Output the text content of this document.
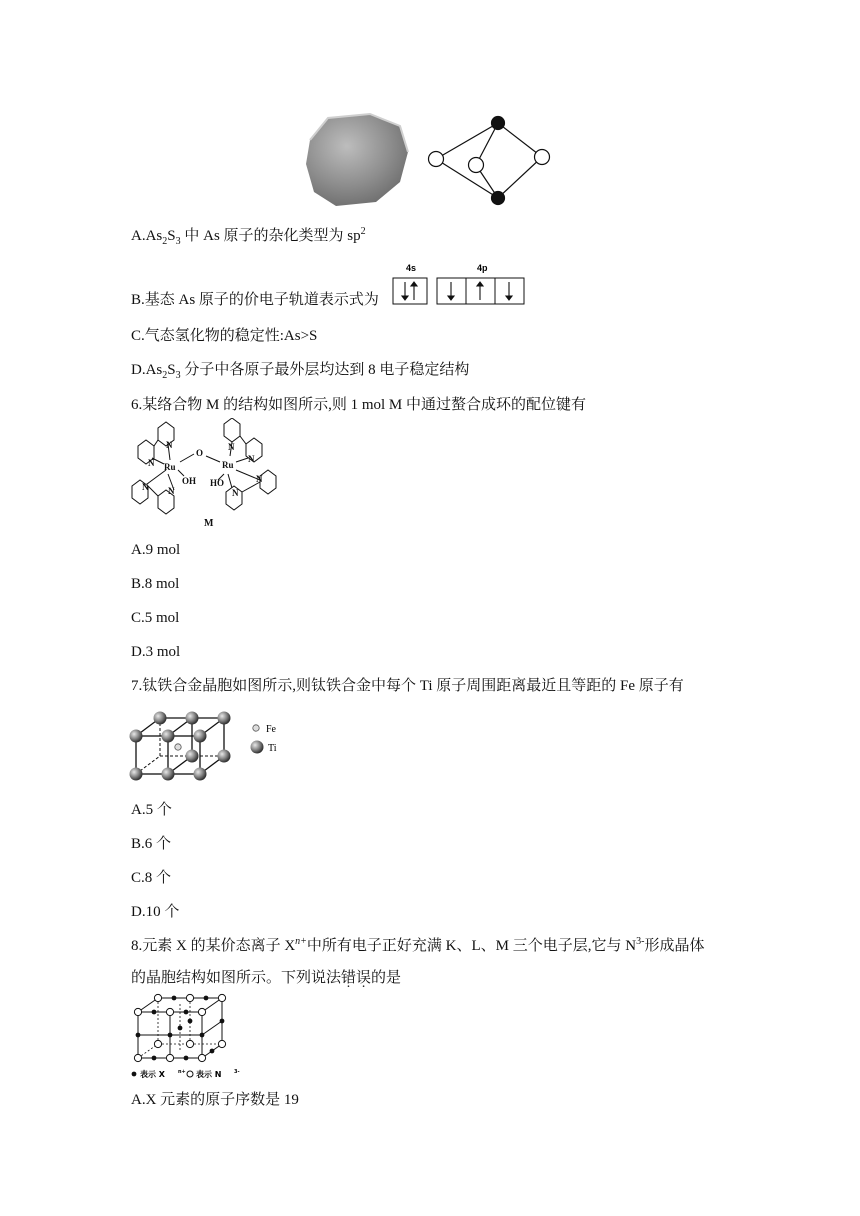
$A.As_2S_3$ 中 As 原子的杂化类型为 $sp^2$
B.基态 As 原子的价电子轨道表示式为
4s	4p
C.气态氢化物的稳定性:As>S
$D.As_2S_3$ 分子中各原子最外层均达到 8 电子稳定结构
6.某络合物 M 的结构如图所示,则 1 mol M 中通过螯合成环的配位键有
Ru	Ru
O
OH HO
N
N
N N
N
N
N
N
M
A.9 mol
B.8 mol
C.5 mol
D.3 mol
7.钛铁合金晶胞如图所示,则钛铁合金中每个 Ti 原子周围距离最近且等距的 Fe 原子有
Fe
Ti
A.5 个
B.6 个
C.8 个
D.10 个
8.元素 X 的某价态离子 $X^{n+}$中所有电子正好充满 K、L、M 三个电子层,它与 $N^{3-}$形成晶体
的晶胞结构如图所示。下列说法错误的是
表示 X	n+ 表示 N	3-
A.X 元素的原子序数是 19
